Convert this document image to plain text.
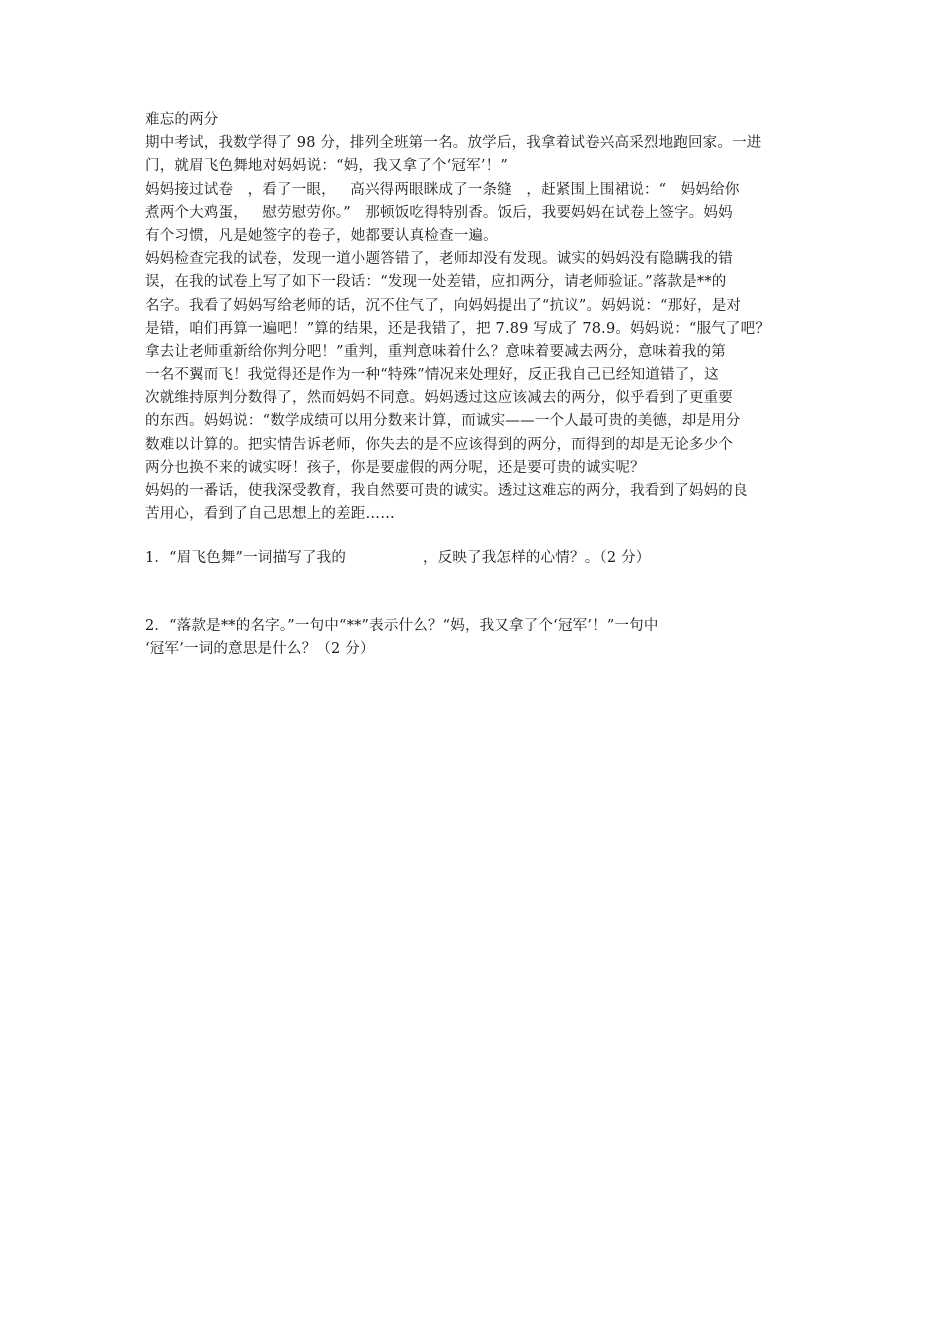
难忘的两分
期中考试，我数学得了 98 分，排列全班第一名。放学后，我拿着试卷兴高采烈地跑回家。一进
门，就眉飞色舞地对妈妈说：“妈，我又拿了个‘冠军’！”
妈妈接过试卷   ，看了一眼，   高兴得两眼眯成了一条缝   ，赶紧围上围裙说：“   妈妈给你
煮两个大鸡蛋，   慰劳慰劳你。”   那顿饭吃得特别香。饭后，我要妈妈在试卷上签字。妈妈
有个习惯，凡是她签字的卷子，她都要认真检查一遍。
妈妈检查完我的试卷，发现一道小题答错了，老师却没有发现。诚实的妈妈没有隐瞒我的错
误，在我的试卷上写了如下一段话：“发现一处差错，应扣两分，请老师验证。”落款是**的
名字。我看了妈妈写给老师的话，沉不住气了，向妈妈提出了“抗议”。妈妈说：“那好，是对
是错，咱们再算一遍吧！”算的结果，还是我错了，把 7.89 写成了 78.9。妈妈说：“服气了吧？
拿去让老师重新给你判分吧！”重判，重判意味着什么？意味着要减去两分，意味着我的第
一名不翼而飞！我觉得还是作为一种“特殊”情况来处理好，反正我自己已经知道错了，这
次就维持原判分数得了，然而妈妈不同意。妈妈透过这应该减去的两分，似乎看到了更重要
的东西。妈妈说：“数学成绩可以用分数来计算，而诚实——一个人最可贵的美德，却是用分
数难以计算的。把实情告诉老师，你失去的是不应该得到的两分，而得到的却是无论多少个
两分也换不来的诚实呀！孩子，你是要虚假的两分呢，还是要可贵的诚实呢？
妈妈的一番话，使我深受教育，我自然要可贵的诚实。透过这难忘的两分，我看到了妈妈的良
苦用心，看到了自己思想上的差距……
1．“眉飞色舞”一词描写了我的                ，反映了我怎样的心情？。（2 分）
2．“落款是**的名字。”一句中“**”表示什么？“妈，我又拿了个‘冠军’！”一句中
‘冠军’一词的意思是什么？（2 分）
